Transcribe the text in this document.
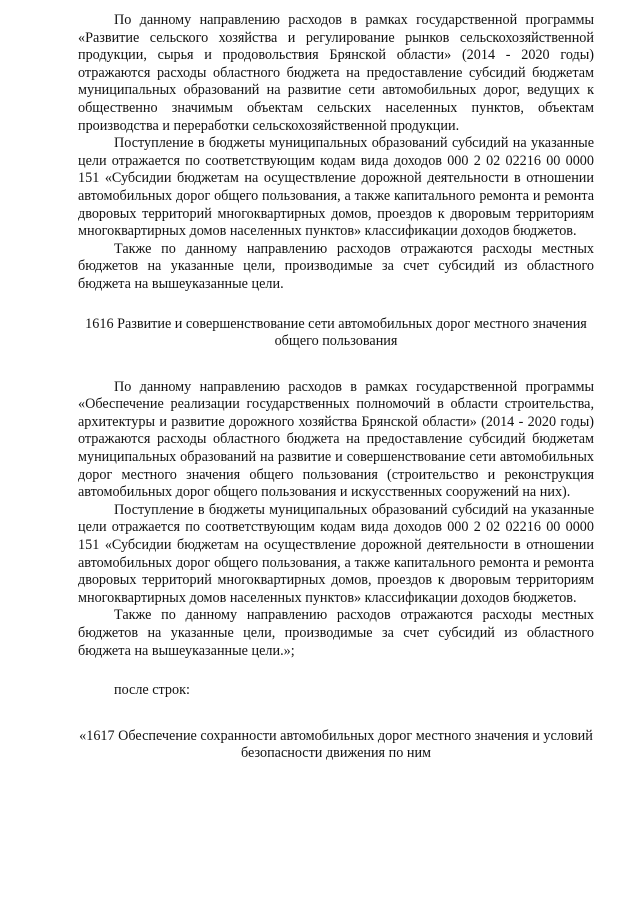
По данному направлению расходов в рамках государственной программы «Развитие сельского хозяйства и регулирование рынков сельскохозяйственной продукции, сырья и продовольствия Брянской области» (2014 - 2020 годы) отражаются расходы областного бюджета на предоставление субсидий бюджетам муниципальных образований на развитие сети автомобильных дорог, ведущих к общественно значимым объектам сельских населенных пунктов, объектам производства и переработки сельскохозяйственной продукции.

Поступление в бюджеты муниципальных образований субсидий на указанные цели отражается по соответствующим кодам вида доходов 000 2 02 02216 00 0000 151 «Субсидии бюджетам на осуществление дорожной деятельности в отношении автомобильных дорог общего пользования, а также капитального ремонта и ремонта дворовых территорий многоквартирных домов, проездов к дворовым территориям многоквартирных домов населенных пунктов» классификации доходов бюджетов.

Также по данному направлению расходов отражаются расходы местных бюджетов на указанные цели, производимые за счет субсидий из областного бюджета на вышеуказанные цели.

1616 Развитие и совершенствование сети автомобильных дорог местного значения общего пользования

По данному направлению расходов в рамках государственной программы «Обеспечение реализации государственных полномочий в области строительства, архитектуры и развитие дорожного хозяйства Брянской области» (2014 - 2020 годы) отражаются расходы областного бюджета на предоставление субсидий бюджетам муниципальных образований на развитие и совершенствование сети автомобильных дорог местного значения общего пользования (строительство и реконструкция автомобильных дорог общего пользования и искусственных сооружений на них).

Поступление в бюджеты муниципальных образований субсидий на указанные цели отражается по соответствующим кодам вида доходов 000 2 02 02216 00 0000 151 «Субсидии бюджетам на осуществление дорожной деятельности в отношении автомобильных дорог общего пользования, а также капитального ремонта и ремонта дворовых территорий многоквартирных домов, проездов к дворовым территориям многоквартирных домов населенных пунктов» классификации доходов бюджетов.

Также по данному направлению расходов отражаются расходы местных бюджетов на указанные цели, производимые за счет субсидий из областного бюджета на вышеуказанные цели.»;

после строк:

«1617 Обеспечение сохранности автомобильных дорог местного значения и условий безопасности движения по ним
